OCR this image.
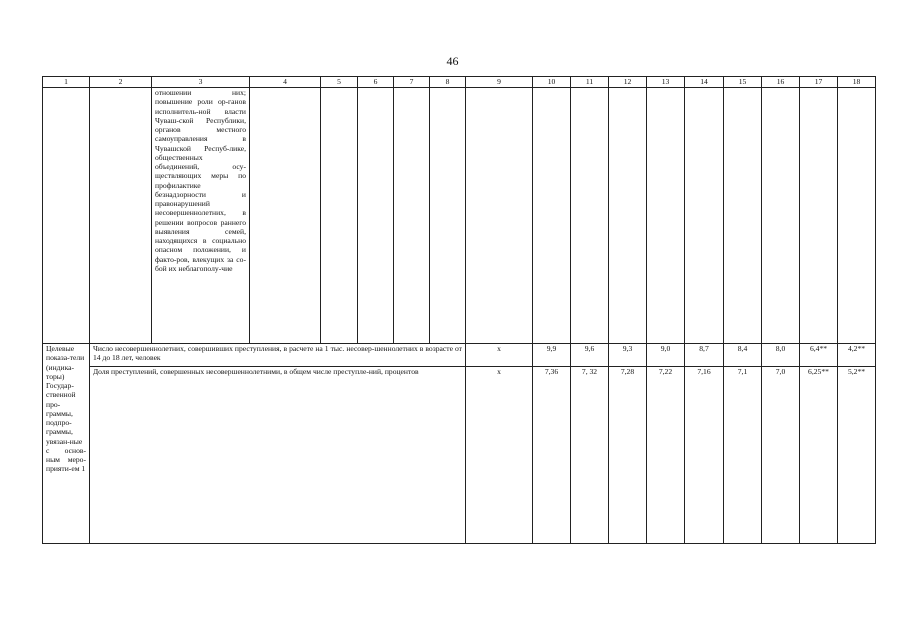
46
1	2	3	4	5	6	7	8	9	10	11	12	13	14	15	16	17	18
		отношении них; повышение роли ор-ганов исполнитель-ной власти Чуваш-ской Республики, органов местного самоуправления в Чувашской Респуб-лике, общественных объединений, осу-ществляющих меры по профилактике безнадзорности и правонарушений несовершеннолетних, в решении вопросов раннего выявления семей, находящихся в социально опасном положении, и факто-ров, влекущих за со-бой их неблагополу-чие															
Целевые показа-тели (индика-торы) Государ-ственной про-граммы, подпро-граммы, увязан-ные с основ-ным меро-прияти-ем 1	Число несовершеннолетних, совершивших преступления, в расчете на 1 тыс. несовер-шеннолетних в возрасте от 14 до 18 лет, человек							x	9,9	9,6	9,3	9,0	8,7	8,4	8,0	6,4**	4,2**
	Доля преступлений, совершенных несовершеннолетними, в общем числе преступле-ний, процентов							x	7,36	7, 32	7,28	7,22	7,16	7,1	7,0	6,25**	5,2**
